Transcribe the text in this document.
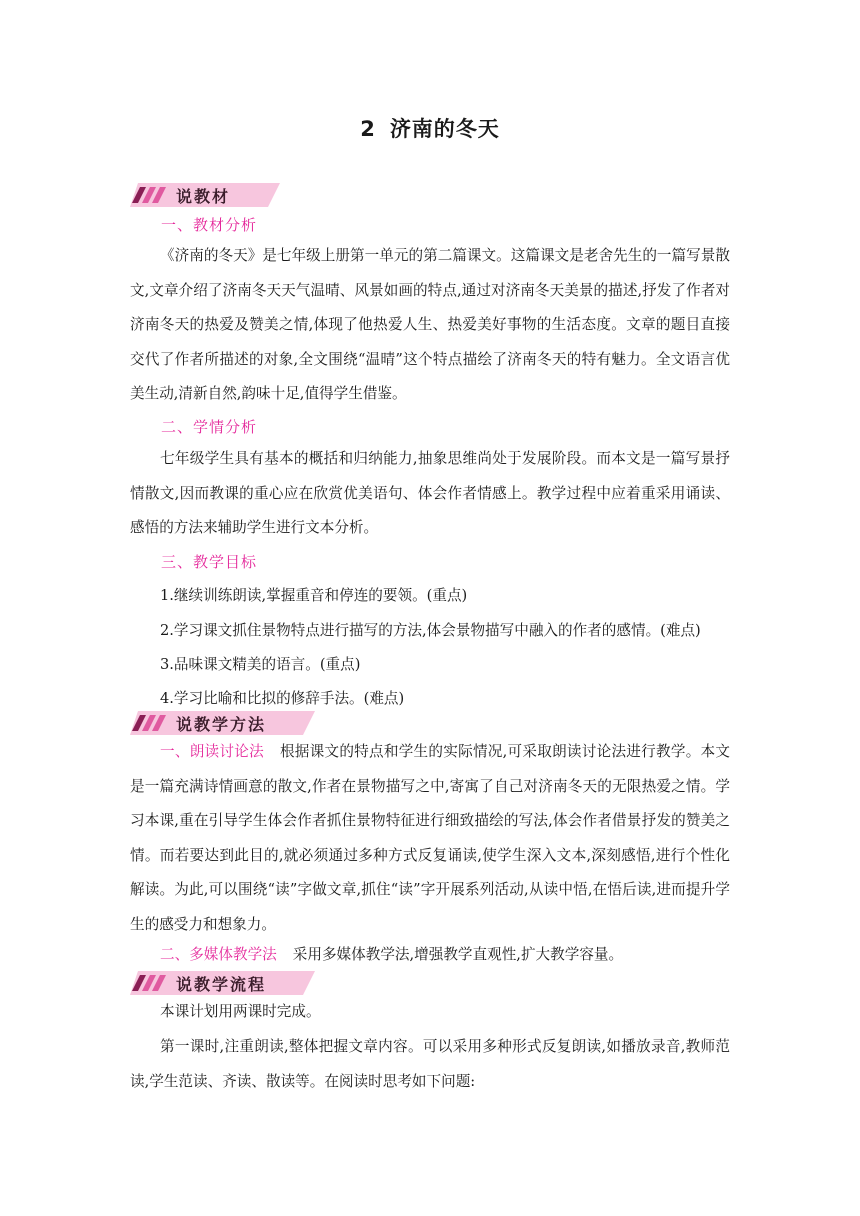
2 济南的冬天
说教材
一、教材分析
《济南的冬天》是七年级上册第一单元的第二篇课文。这篇课文是老舍先生的一篇写景散文,文章介绍了济南冬天天气温晴、风景如画的特点,通过对济南冬天美景的描述,抒发了作者对济南冬天的热爱及赞美之情,体现了他热爱人生、热爱美好事物的生活态度。文章的题目直接交代了作者所描述的对象,全文围绕“温晴”这个特点描绘了济南冬天的特有魅力。全文语言优美生动,清新自然,韵味十足,值得学生借鉴。
二、学情分析
七年级学生具有基本的概括和归纳能力,抽象思维尚处于发展阶段。而本文是一篇写景抒情散文,因而教课的重心应在欣赏优美语句、体会作者情感上。教学过程中应着重采用诵读、感悟的方法来辅助学生进行文本分析。
三、教学目标
1.继续训练朗读,掌握重音和停连的要领。(重点)
2.学习课文抓住景物特点进行描写的方法,体会景物描写中融入的作者的感情。(难点)
3.品味课文精美的语言。(重点)
4.学习比喻和比拟的修辞手法。(难点)
说教学方法
一、朗读讨论法 根据课文的特点和学生的实际情况,可采取朗读讨论法进行教学。本文是一篇充满诗情画意的散文,作者在景物描写之中,寄寓了自己对济南冬天的无限热爱之情。学习本课,重在引导学生体会作者抓住景物特征进行细致描绘的写法,体会作者借景抒发的赞美之情。而若要达到此目的,就必须通过多种方式反复诵读,使学生深入文本,深刻感悟,进行个性化解读。为此,可以围绕“读”字做文章,抓住“读”字开展系列活动,从读中悟,在悟后读,进而提升学生的感受力和想象力。
二、多媒体教学法 采用多媒体教学法,增强教学直观性,扩大教学容量。
说教学流程
本课计划用两课时完成。
第一课时,注重朗读,整体把握文章内容。可以采用多种形式反复朗读,如播放录音,教师范读,学生范读、齐读、散读等。在阅读时思考如下问题:
